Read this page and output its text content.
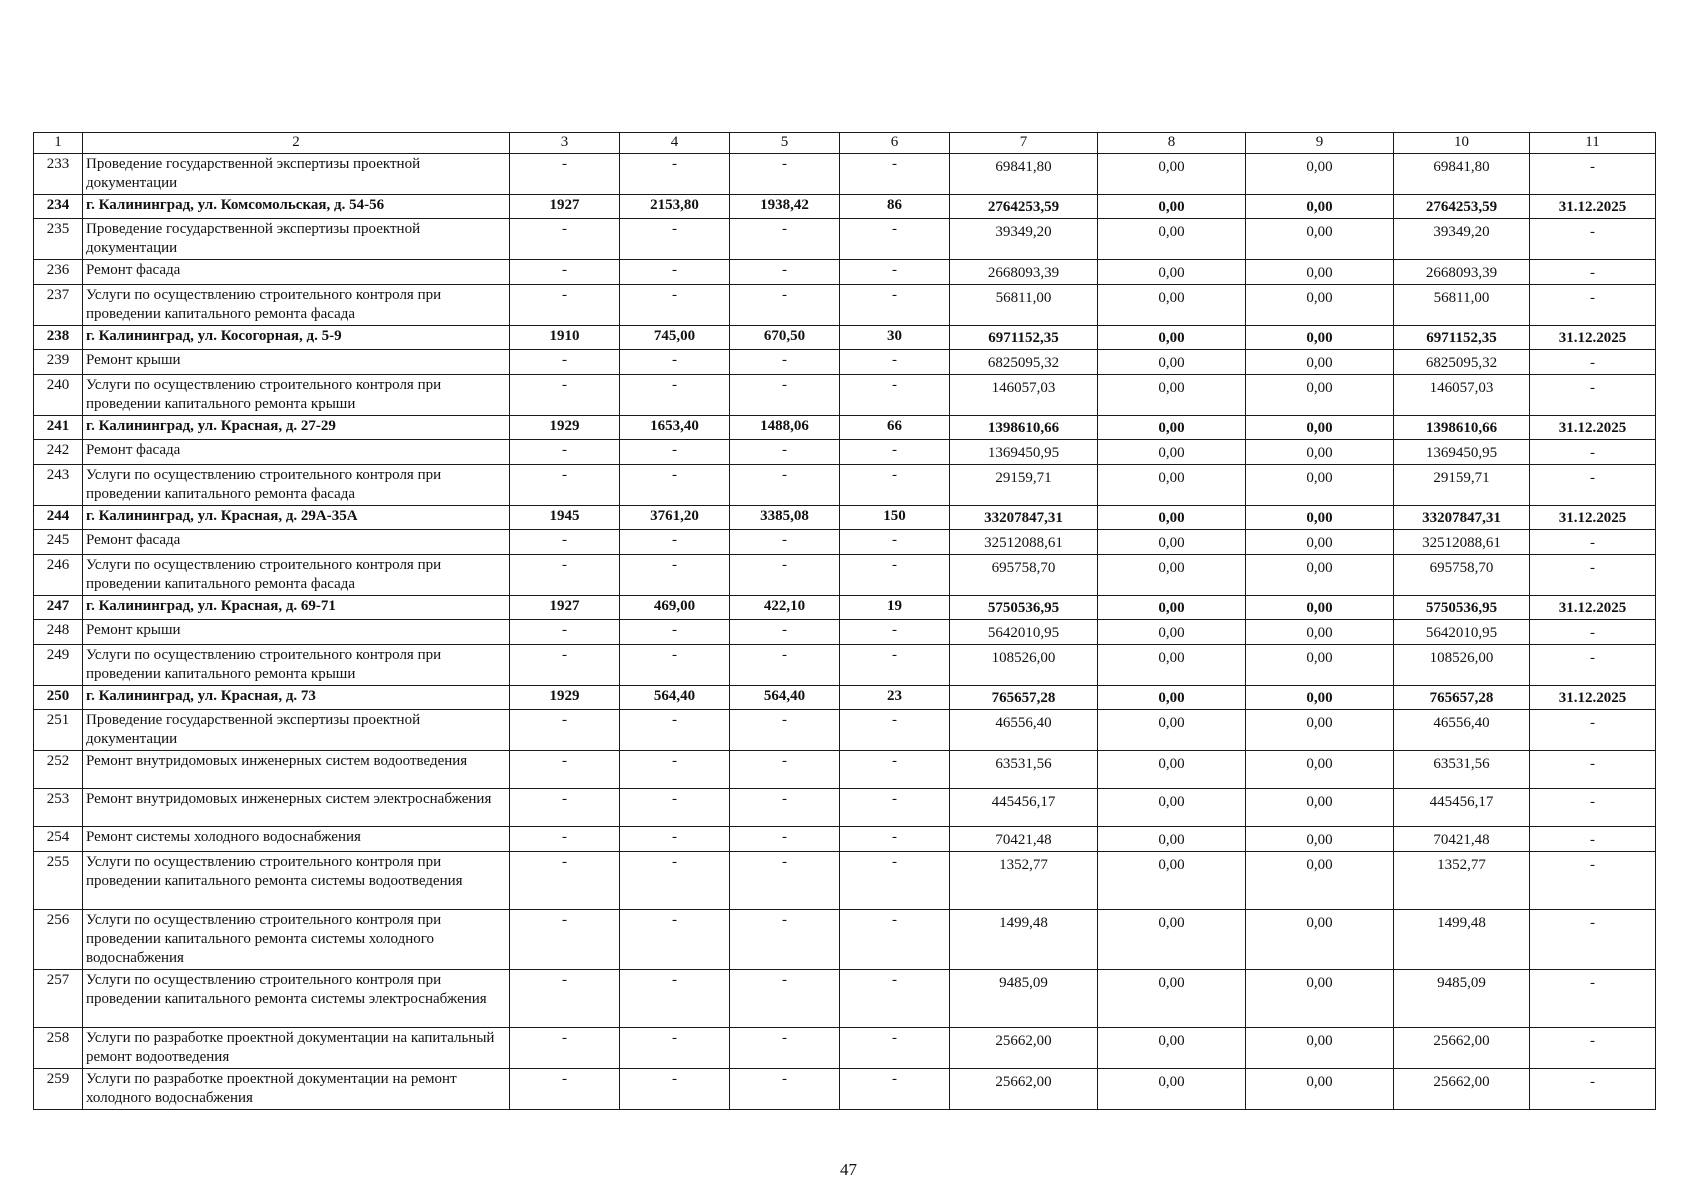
1	2	3	4	5	6	7	8	9	10	11
233	Проведение государственной экспертизы проектной документации	-	-	-	-	69841,80	0,00	0,00	69841,80	-
234	г. Калининград, ул. Комсомольская, д. 54-56	1927	2153,80	1938,42	86	2764253,59	0,00	0,00	2764253,59	31.12.2025
235	Проведение государственной экспертизы проектной документации	-	-	-	-	39349,20	0,00	0,00	39349,20	-
236	Ремонт фасада	-	-	-	-	2668093,39	0,00	0,00	2668093,39	-
237	Услуги по осуществлению строительного контроля при проведении капитального ремонта фасада	-	-	-	-	56811,00	0,00	0,00	56811,00	-
238	г. Калининград, ул. Косогорная, д. 5-9	1910	745,00	670,50	30	6971152,35	0,00	0,00	6971152,35	31.12.2025
239	Ремонт крыши	-	-	-	-	6825095,32	0,00	0,00	6825095,32	-
240	Услуги по осуществлению строительного контроля при проведении капитального ремонта крыши	-	-	-	-	146057,03	0,00	0,00	146057,03	-
241	г. Калининград, ул. Красная, д. 27-29	1929	1653,40	1488,06	66	1398610,66	0,00	0,00	1398610,66	31.12.2025
242	Ремонт фасада	-	-	-	-	1369450,95	0,00	0,00	1369450,95	-
243	Услуги по осуществлению строительного контроля при проведении капитального ремонта фасада	-	-	-	-	29159,71	0,00	0,00	29159,71	-
244	г. Калининград, ул. Красная, д. 29А-35А	1945	3761,20	3385,08	150	33207847,31	0,00	0,00	33207847,31	31.12.2025
245	Ремонт фасада	-	-	-	-	32512088,61	0,00	0,00	32512088,61	-
246	Услуги по осуществлению строительного контроля при проведении капитального ремонта фасада	-	-	-	-	695758,70	0,00	0,00	695758,70	-
247	г. Калининград, ул. Красная, д. 69-71	1927	469,00	422,10	19	5750536,95	0,00	0,00	5750536,95	31.12.2025
248	Ремонт крыши	-	-	-	-	5642010,95	0,00	0,00	5642010,95	-
249	Услуги по осуществлению строительного контроля при проведении капитального ремонта крыши	-	-	-	-	108526,00	0,00	0,00	108526,00	-
250	г. Калининград, ул. Красная, д. 73	1929	564,40	564,40	23	765657,28	0,00	0,00	765657,28	31.12.2025
251	Проведение государственной экспертизы проектной документации	-	-	-	-	46556,40	0,00	0,00	46556,40	-
252	Ремонт внутридомовых инженерных систем водоотведения	-	-	-	-	63531,56	0,00	0,00	63531,56	-
253	Ремонт внутридомовых инженерных систем электроснабжения	-	-	-	-	445456,17	0,00	0,00	445456,17	-
254	Ремонт системы холодного водоснабжения	-	-	-	-	70421,48	0,00	0,00	70421,48	-
255	Услуги по осуществлению строительного контроля при проведении капитального ремонта системы водоотведения	-	-	-	-	1352,77	0,00	0,00	1352,77	-
256	Услуги по осуществлению строительного контроля при проведении капитального ремонта системы холодного водоснабжения	-	-	-	-	1499,48	0,00	0,00	1499,48	-
257	Услуги по осуществлению строительного контроля при проведении капитального ремонта системы электроснабжения	-	-	-	-	9485,09	0,00	0,00	9485,09	-
258	Услуги по разработке проектной документации на капитальный ремонт водоотведения	-	-	-	-	25662,00	0,00	0,00	25662,00	-
259	Услуги по разработке проектной документации на ремонт холодного водоснабжения	-	-	-	-	25662,00	0,00	0,00	25662,00	-
47
